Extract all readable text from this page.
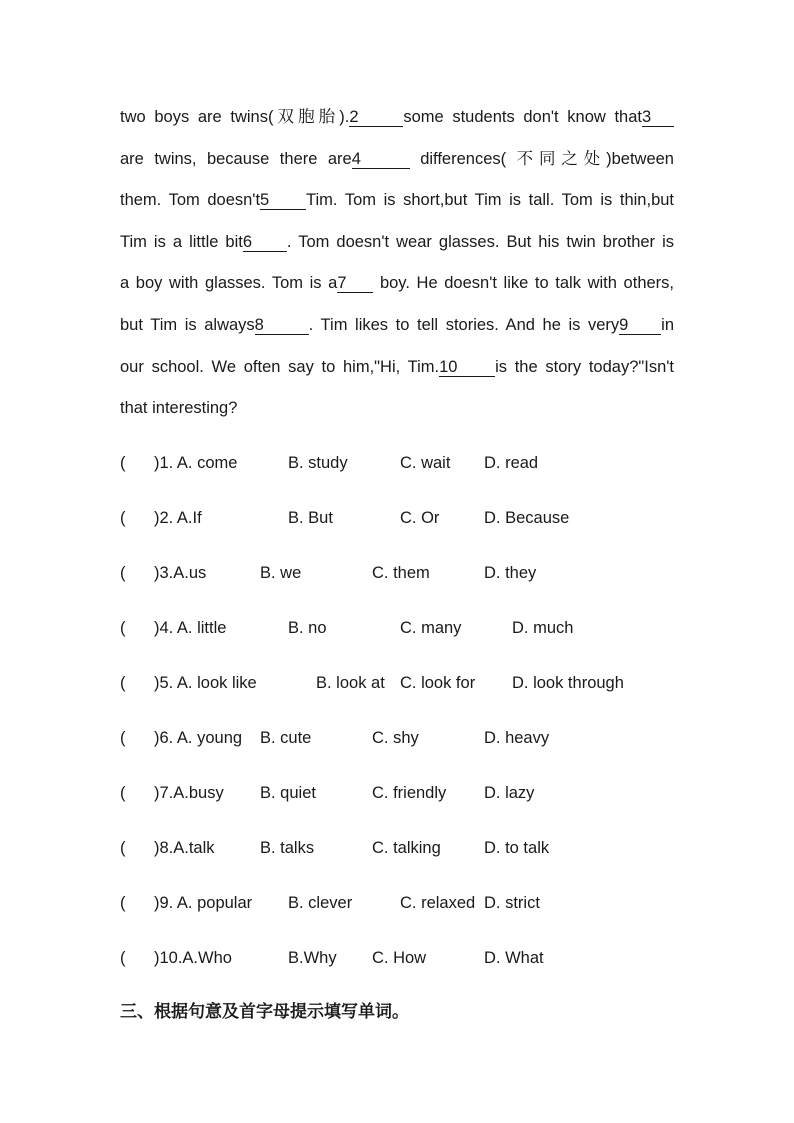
two boys are twins(双胞胎).2	some students don't know that3
are twins, because there are4	differences( 不同之处)between
them. Tom doesn't5 Tim. Tom is short,but Tim is tall. Tom is thin,but
Tim is a little bit6 . Tom doesn't wear glasses. But his twin brother is
a boy with glasses. Tom is a7 boy. He doesn't like to talk with others,
but Tim is always8	. Tim likes to tell stories. And he is very9 in
our school. We often say to him,"Hi, Tim.10 is the story today?"Isn't
that interesting?
( )1. A. come	B. study	C. wait D. read
( )2. A.If	B. But	C. Or	D. Because
( )3.A.us	B. we	C. them	D. they
( )4. A. little	B. no	C. many	D. much
( )5. A. look like	B. look at C. look for D. look through
( )6. A. young B. cute	C. shy	D. heavy
( )7.A.busy B. quiet	C. friendly D. lazy
( )8.A.talk	B. talks	C. talking	D. to talk
( )9. A. popular B. clever	C. relaxed D. strict
( )10.A.Who	B.Why C. How	D. What
三、根据句意及首字母提示填写单词。
